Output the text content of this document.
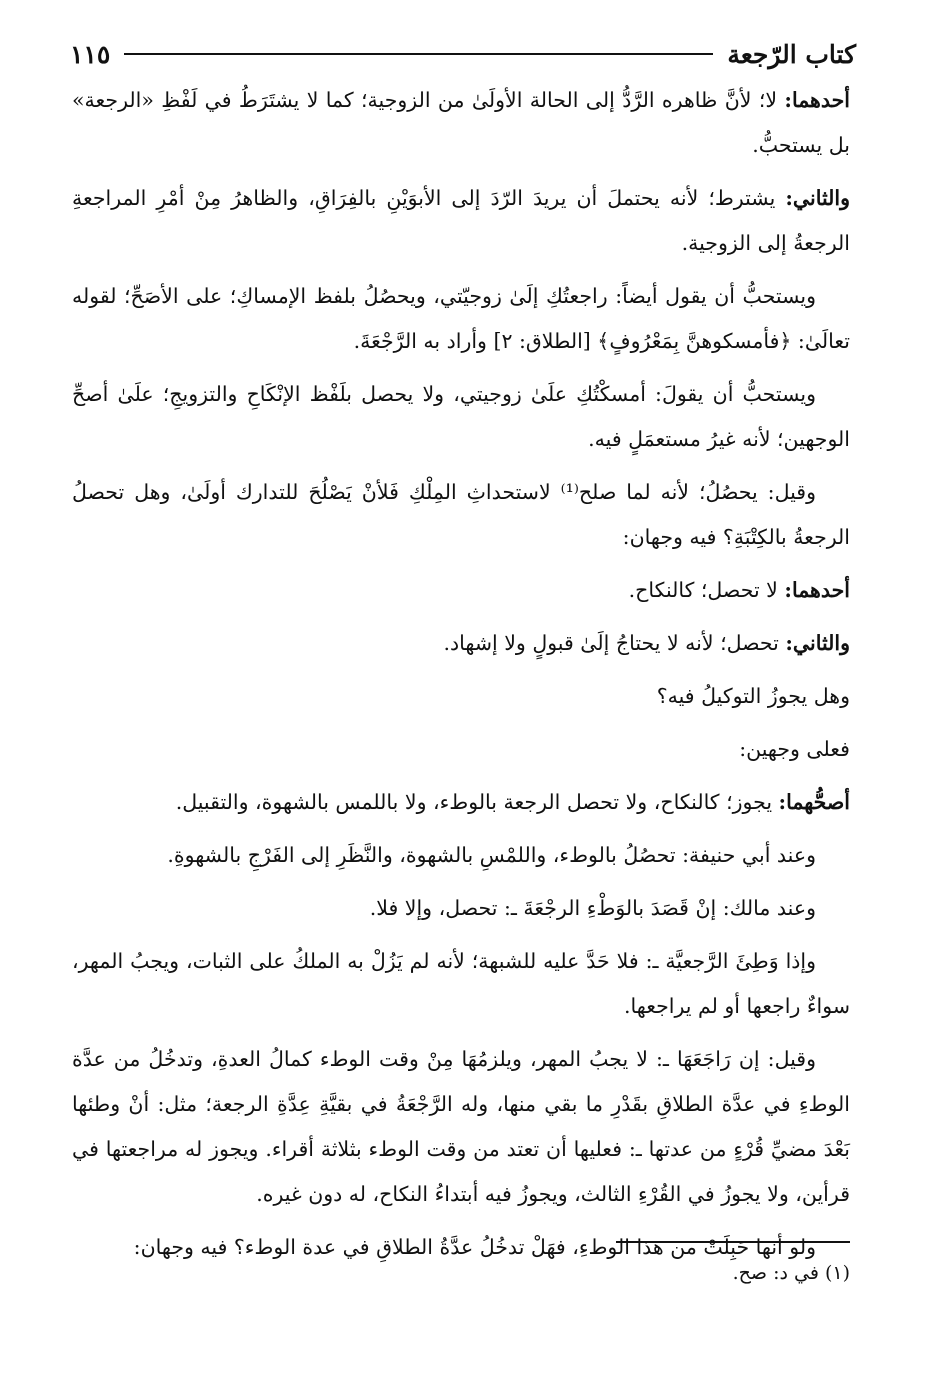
كتاب الرّجعة
١١٥

أحدهما: لا؛ لأنَّ ظاهره الرَّدُّ إلى الحالة الأولَىٰ من الزوجية؛ كما لا يشتَرَطُ في لَفْظِ «الرجعة» بل يستحبُّ.

والثاني: يشترط؛ لأنه يحتملَ أن يريدَ الرّدَ إلى الأبوَيْنِ بالفِرَاقِ، والظاهرُ مِنْ أمْرِ المراجعةِ الرجعةُ إلى الزوجية.

ويستحبُّ أن يقول أيضاً: راجعتُكِ إلَىٰ زوجيّتي، ويحصُلُ بلفظ الإمساكِ؛ على الأصَحِّ؛ لقوله تعالَىٰ: ﴿فأمسكوهنَّ بِمَعْرُوفٍ﴾ [الطلاق: ٢] وأراد به الرَّجْعَةَ.

ويستحبُّ أن يقولَ: أمسكْتُكِ علَىٰ زوجيتي، ولا يحصل بلَفْظ الإنْكَاحِ والتزويجِ؛ علَىٰ أصحِّ الوجهين؛ لأنه غيرُ مستعمَلٍ فيه.

وقيل: يحصُلُ؛ لأنه لما صلح⁽¹⁾ لاستحداثِ المِلْكِ فَلأنْ يَصْلُحَ للتدارك أولَىٰ، وهل تحصلُ الرجعةُ بالكِتْبَةِ؟ فيه وجهان:

أحدهما: لا تحصل؛ كالنكاح.

والثاني: تحصل؛ لأنه لا يحتاجُ إلَىٰ قبولٍ ولا إشهاد.

وهل يجوزُ التوكيلُ فيه؟

فعلى وجهين:

أصحُّهما: يجوز؛ كالنكاح، ولا تحصل الرجعة بالوطء، ولا باللمس بالشهوة، والتقبيل.

وعند أبي حنيفة: تحصُلُ بالوطء، واللمْسِ بالشهوة، والنَّظَرِ إلى الفَرْجِ بالشهوةِ.

وعند مالك: إنْ قَصَدَ بالوَطْءِ الرجْعَةَ ـ: تحصل، وإلا فلا.

وإذا وَطِئَ الرَّجعيَّة ـ: فلا حَدَّ عليه للشبهة؛ لأنه لم يَزُلْ به الملكُ على الثبات، ويجبُ المهر، سواءٌ راجعها أو لم يراجعها.

وقيل: إن رَاجَعَهَا ـ: لا يجبُ المهر، ويلزمُهَا مِنْ وقت الوطء كمالُ العدةِ، وتدخُلُ من عدَّة الوطءِ في عدَّة الطلاقِ بقَدْرِ ما بقي منها، وله الرَّجْعَةُ في بقيَّةِ عِدَّةِ الرجعة؛ مثل: أنْ وطئها بَعْدَ مضيِّ قُرْءٍ من عدتها ـ: فعليها أن تعتد من وقت الوطء بثلاثة أقراء. ويجوز له مراجعتها في قرأين، ولا يجوزُ في القُرْءِ الثالث، ويجوزُ فيه أبتداءُ النكاح، له دون غيره.

ولو أنها حَبِلَتْ من هذا الوطءِ، فهَلْ تدخُلُ عدَّةُ الطلاقِ في عدة الوطء؟ فيه وجهان:

(١) في د: صح.
